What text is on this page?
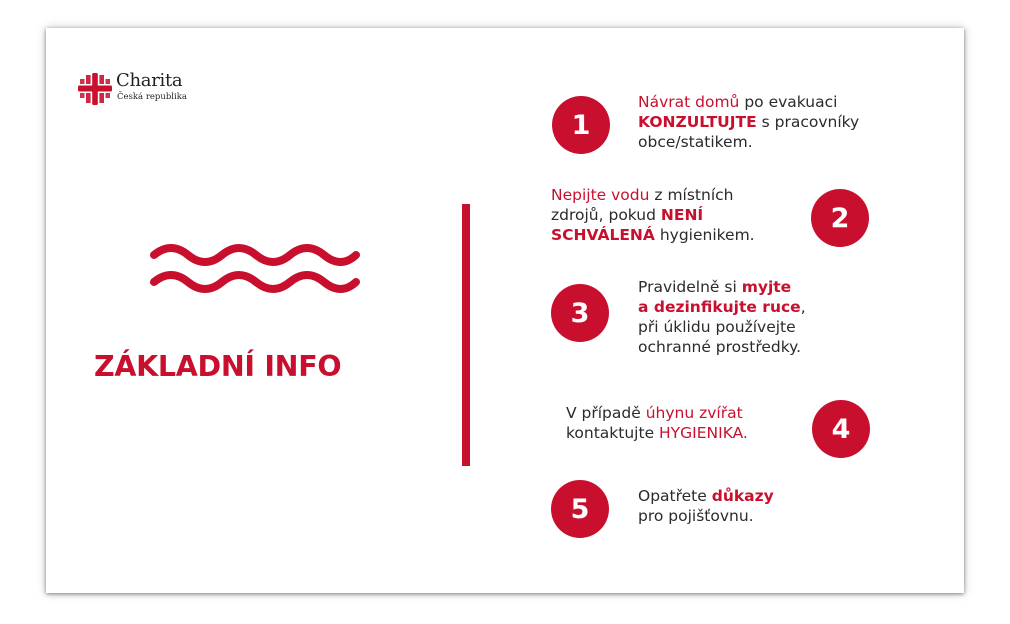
Charita
Česká republika
ZÁKLADNÍ INFO
1
Návrat domů po evakuaci
KONZULTUJTE s pracovníky
obce/statikem.
Nepijte vodu z místních
zdrojů, pokud NENÍ
SCHVÁLENÁ hygienikem.
2
3
Pravidelně si myjte
a dezinfikujte ruce,
při úklidu používejte
ochranné prostředky.
V případě úhynu zvířat
kontaktujte HYGIENIKA.	4
5	Opatřete důkazy
pro pojišťovnu.
